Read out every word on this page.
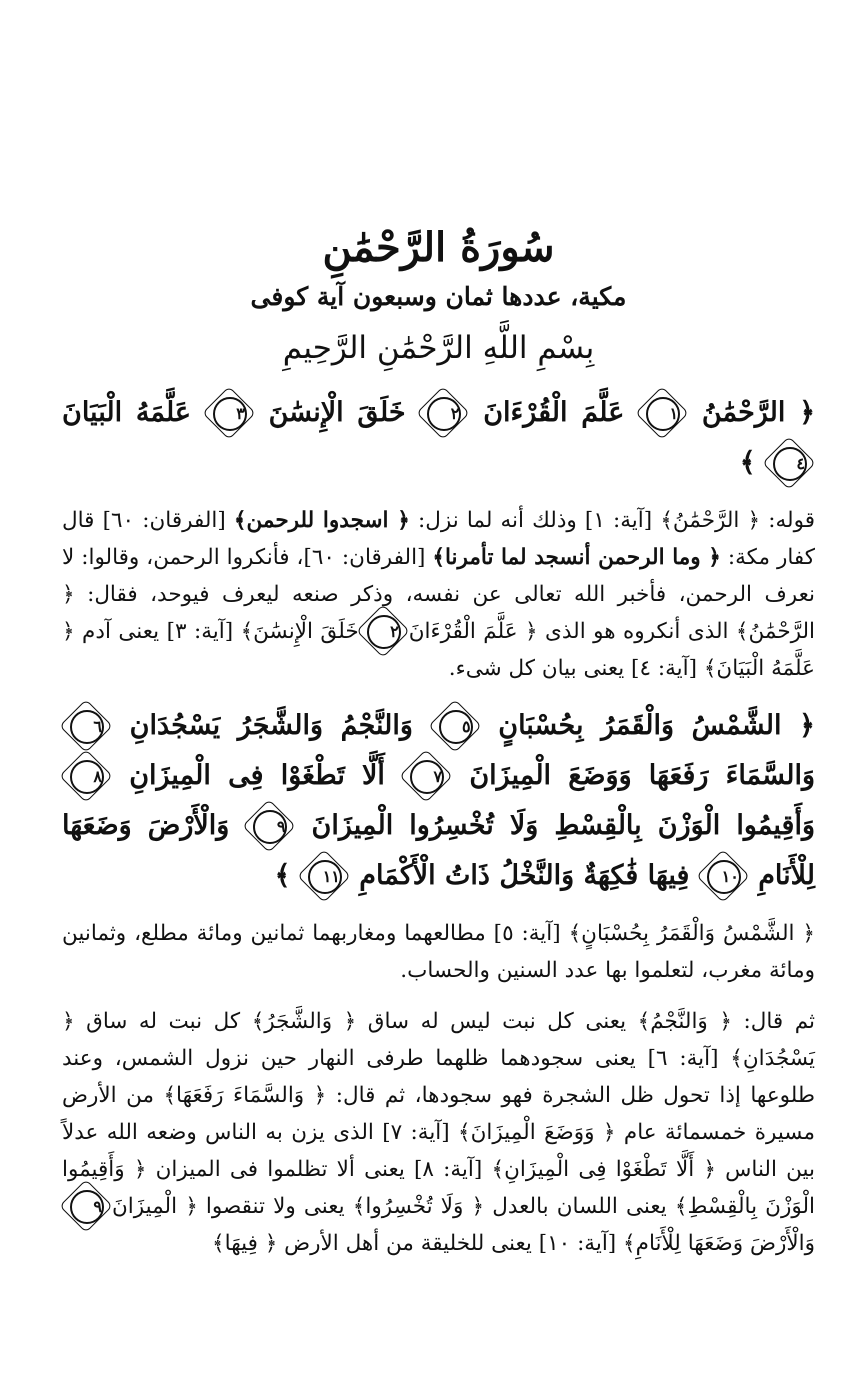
سُورَةُ الرَّحْمَٰنِ
مكية، عددها ثمان وسبعون آية كوفى
بِسْمِ اللَّهِ الرَّحْمَٰنِ الرَّحِيمِ
﴿ الرَّحْمَٰنُ ١ عَلَّمَ الْقُرْءَانَ ٢ خَلَقَ الْإِنسَٰنَ ٣ عَلَّمَهُ الْبَيَانَ ٤ ﴾

قوله: ﴿ الرَّحْمَٰنُ﴾ [آية: ١] وذلك أنه لما نزل: ﴿ اسجدوا للرحمن﴾ [الفرقان: ٦٠] قال كفار مكة: ﴿ وما الرحمن أنسجد لما تأمرنا﴾ [الفرقان: ٦٠]، فأنكروا الرحمن، وقالوا: لا نعرف الرحمن، فأخبر الله تعالى عن نفسه، وذكر صنعه ليعرف فيوحد، فقال: ﴿ الرَّحْمَٰنُ﴾ الذى أنكروه هو الذى ﴿ عَلَّمَ الْقُرْءَانَ٢خَلَقَ الْإِنسَٰنَ﴾ [آية: ٣] يعنى آدم ﴿ عَلَّمَهُ الْبَيَانَ﴾ [آية: ٤] يعنى بيان كل شىء.

﴿ الشَّمْسُ وَالْقَمَرُ بِحُسْبَانٍ ٥ وَالنَّجْمُ وَالشَّجَرُ يَسْجُدَانِ ٦ وَالسَّمَاءَ رَفَعَهَا وَوَضَعَ الْمِيزَانَ ٧ أَلَّا تَطْغَوْا فِى الْمِيزَانِ ٨ وَأَقِيمُوا الْوَزْنَ بِالْقِسْطِ وَلَا تُخْسِرُوا الْمِيزَانَ ٩ وَالْأَرْضَ وَضَعَهَا لِلْأَنَامِ ١٠ فِيهَا فَٰكِهَةٌ وَالنَّخْلُ ذَاتُ الْأَكْمَامِ ١١ ﴾

﴿ الشَّمْسُ وَالْقَمَرُ بِحُسْبَانٍ﴾ [آية: ٥] مطالعهما ومغاربهما ثمانين ومائة مطلع، وثمانين ومائة مغرب، لتعلموا بها عدد السنين والحساب.

ثم قال: ﴿ وَالنَّجْمُ﴾ يعنى كل نبت ليس له ساق ﴿ وَالشَّجَرُ﴾ كل نبت له ساق ﴿ يَسْجُدَانِ﴾ [آية: ٦] يعنى سجودهما ظلهما طرفى النهار حين نزول الشمس، وعند طلوعها إذا تحول ظل الشجرة فهو سجودها، ثم قال: ﴿ وَالسَّمَاءَ رَفَعَهَا﴾ من الأرض مسيرة خمسمائة عام ﴿ وَوَضَعَ الْمِيزَانَ﴾ [آية: ٧] الذى يزن به الناس وضعه الله عدلاً بين الناس ﴿ أَلَّا تَطْغَوْا فِى الْمِيزَانِ﴾ [آية: ٨] يعنى ألا تظلموا فى الميزان ﴿ وَأَقِيمُوا الْوَزْنَ بِالْقِسْطِ﴾ يعنى اللسان بالعدل ﴿ وَلَا تُخْسِرُوا﴾ يعنى ولا تنقصوا ﴿ الْمِيزَانَ٩وَالْأَرْضَ وَضَعَهَا لِلْأَنَامِ﴾ [آية: ١٠] يعنى للخليقة من أهل الأرض ﴿ فِيهَا﴾
